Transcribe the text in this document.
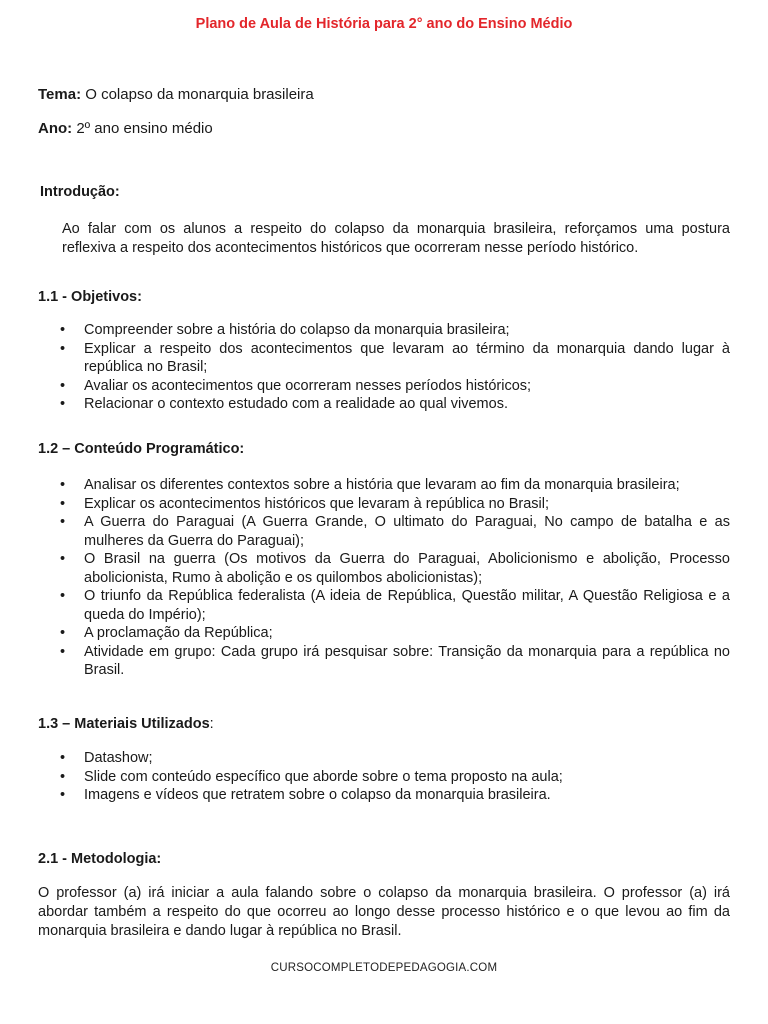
Plano de Aula de História para 2° ano do Ensino Médio
Tema: O colapso da monarquia brasileira
Ano: 2º ano ensino médio
Introdução:
Ao falar com os alunos a respeito do colapso da monarquia brasileira, reforçamos uma postura reflexiva a respeito dos acontecimentos históricos que ocorreram nesse período histórico.
1.1 - Objetivos:
• Compreender sobre a história do colapso da monarquia brasileira;
• Explicar a respeito dos acontecimentos que levaram ao término da monarquia dando lugar à república no Brasil;
• Avaliar os acontecimentos que ocorreram nesses períodos históricos;
• Relacionar o contexto estudado com a realidade ao qual vivemos.
1.2 – Conteúdo Programático:
• Analisar os diferentes contextos sobre a história que levaram ao fim da monarquia brasileira;
• Explicar os acontecimentos históricos que levaram à república no Brasil;
• A Guerra do Paraguai (A Guerra Grande, O ultimato do Paraguai, No campo de batalha e as mulheres da Guerra do Paraguai);
• O Brasil na guerra (Os motivos da Guerra do Paraguai, Abolicionismo e abolição, Processo abolicionista, Rumo à abolição e os quilombos abolicionistas);
• O triunfo da República federalista (A ideia de República, Questão militar, A Questão Religiosa e a queda do Império);
• A proclamação da República;
• Atividade em grupo: Cada grupo irá pesquisar sobre: Transição da monarquia para a república no Brasil.
1.3 – Materiais Utilizados:
• Datashow;
• Slide com conteúdo específico que aborde sobre o tema proposto na aula;
• Imagens e vídeos que retratem sobre o colapso da monarquia brasileira.
2.1 - Metodologia:
O professor (a) irá iniciar a aula falando sobre o colapso da monarquia brasileira. O professor (a) irá abordar também a respeito do que ocorreu ao longo desse processo histórico e o que levou ao fim da monarquia brasileira e dando lugar à república no Brasil.
CURSOCOMPLETODEPEDAGOGIA.COM
